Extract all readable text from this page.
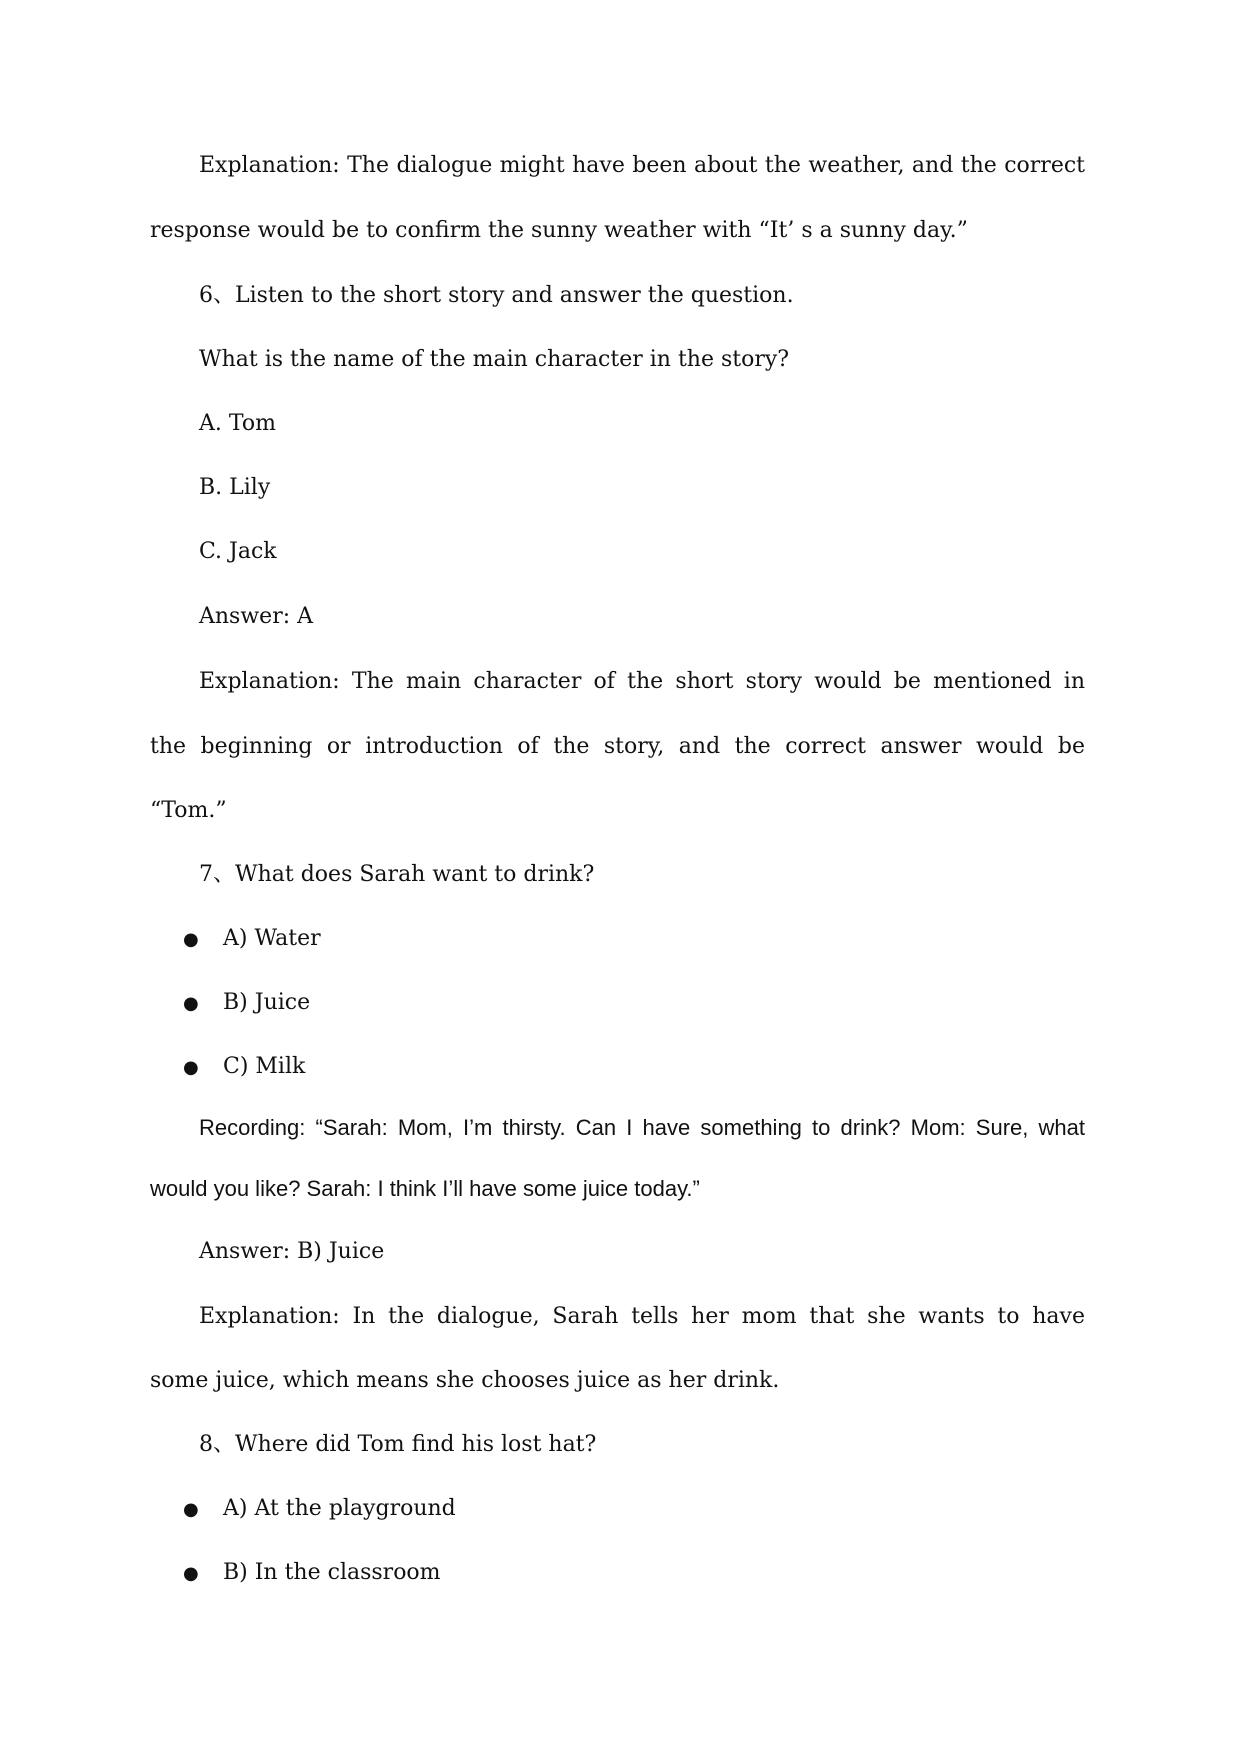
Explanation: The dialogue might have been about the weather, and the correct
response would be to confirm the sunny weather with “It’ s a sunny day.”
6、Listen to the short story and answer the question.
What is the name of the main character in the story?
A. Tom
B. Lily
C. Jack
Answer: A
Explanation: The main character of the short story would be mentioned in
the beginning or introduction of the story, and the correct answer would be
“Tom.”
7、What does Sarah want to drink?
● A) Water
● B) Juice
● C) Milk
Recording: “Sarah: Mom, I’m thirsty. Can I have something to drink? Mom: Sure, what
would you like? Sarah: I think I’ll have some juice today.”
Answer: B) Juice
Explanation: In the dialogue, Sarah tells her mom that she wants to have
some juice, which means she chooses juice as her drink.
8、Where did Tom find his lost hat?
● A) At the playground
● B) In the classroom
